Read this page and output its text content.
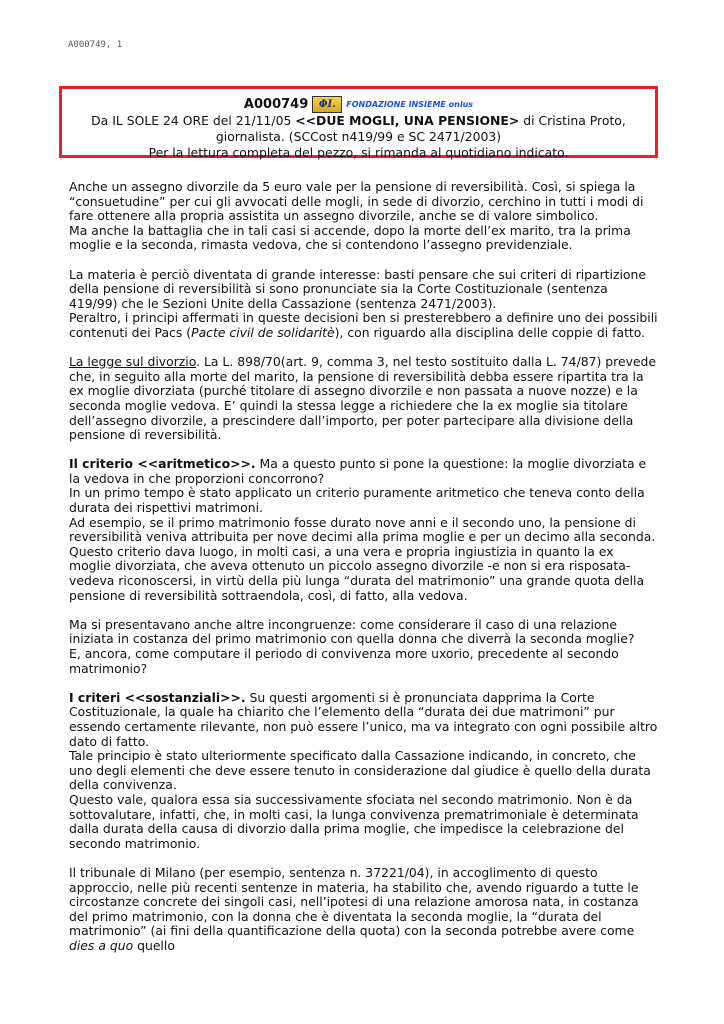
A000749, 1
A000749	ΦI.	FONDAZIONE INSIEME onlus
Da IL SOLE 24 ORE del 21/11/05 <<DUE MOGLI, UNA PENSIONE> di Cristina Proto,
giornalista. (SCCost n419/99 e SC 2471/2003)
Per la lettura completa del pezzo, si rimanda al quotidiano indicato.

Anche un assegno divorzile da 5 euro vale per la pensione di reversibilità. Così, si spiega la “consuetudine” per cui gli avvocati delle mogli, in sede di divorzio, cerchino in tutti i modi di fare ottenere alla propria assistita un assegno divorzile, anche se di valore simbolico.
Ma anche la battaglia che in tali casi si accende, dopo la morte dell’ex marito, tra la prima moglie e la seconda, rimasta vedova, che si contendono l’assegno previdenziale.

La materia è perciò diventata di grande interesse: basti pensare che sui criteri di ripartizione della pensione di reversibilità si sono pronunciate sia la Corte Costituzionale (sentenza 419/99) che le Sezioni Unite della Cassazione (sentenza 2471/2003).
Peraltro, i principi affermati in queste decisioni ben si presterebbero a definire uno dei possibili contenuti dei Pacs (Pacte civil de solidaritè), con riguardo alla disciplina delle coppie di fatto.

La legge sul divorzio. La L. 898/70(art. 9, comma 3, nel testo sostituito dalla L. 74/87) prevede che, in seguito alla morte del marito, la pensione di reversibilità debba essere ripartita tra la ex moglie divorziata (purché titolare di assegno divorzile e non passata a nuove nozze) e la seconda moglie vedova. E’ quindi la stessa legge a richiedere che la ex moglie sia titolare dell’assegno divorzile, a prescindere dall’importo, per poter partecipare alla divisione della pensione di reversibilità.

Il criterio <<aritmetico>>. Ma a questo punto si pone la questione: la moglie divorziata e la vedova in che proporzioni concorrono?
In un primo tempo è stato applicato un criterio puramente aritmetico che teneva conto della durata dei rispettivi matrimoni.
Ad esempio, se il primo matrimonio fosse durato nove anni e il secondo uno, la pensione di reversibilità veniva attribuita per nove decimi alla prima moglie e per un decimo alla seconda.
Questo criterio dava luogo, in molti casi, a una vera e propria ingiustizia in quanto la ex moglie divorziata, che aveva ottenuto un piccolo assegno divorzile -e non si era risposata- vedeva riconoscersi, in virtù della più lunga “durata del matrimonio” una grande quota della pensione di reversibilità sottraendola, così, di fatto, alla vedova.

Ma si presentavano anche altre incongruenze: come considerare il caso di una relazione iniziata in costanza del primo matrimonio con quella donna che diverrà la seconda moglie?
E, ancora, come computare il periodo di convivenza more uxorio, precedente al secondo matrimonio?

I criteri <<sostanziali>>. Su questi argomenti si è pronunciata dapprima la Corte Costituzionale, la quale ha chiarito che l’elemento della “durata dei due matrimoni” pur essendo certamente rilevante, non può essere l’unico, ma va integrato con ogni possibile altro dato di fatto.
Tale principio è stato ulteriormente specificato dalla Cassazione indicando, in concreto, che uno degli elementi che deve essere tenuto in considerazione dal giudice è quello della durata della convivenza.
Questo vale, qualora essa sia successivamente sfociata nel secondo matrimonio. Non è da sottovalutare, infatti, che, in molti casi, la lunga convivenza prematrimoniale è determinata dalla durata della causa di divorzio dalla prima moglie, che impedisce la celebrazione del secondo matrimonio.

Il tribunale di Milano (per esempio, sentenza n. 37221/04), in accoglimento di questo approccio, nelle più recenti sentenze in materia, ha stabilito che, avendo riguardo a tutte le circostanze concrete dei singoli casi, nell’ipotesi di una relazione amorosa nata, in costanza del primo matrimonio, con la donna che è diventata la seconda moglie, la “durata del matrimonio” (ai fini della quantificazione della quota) con la seconda potrebbe avere come dies a quo quello
